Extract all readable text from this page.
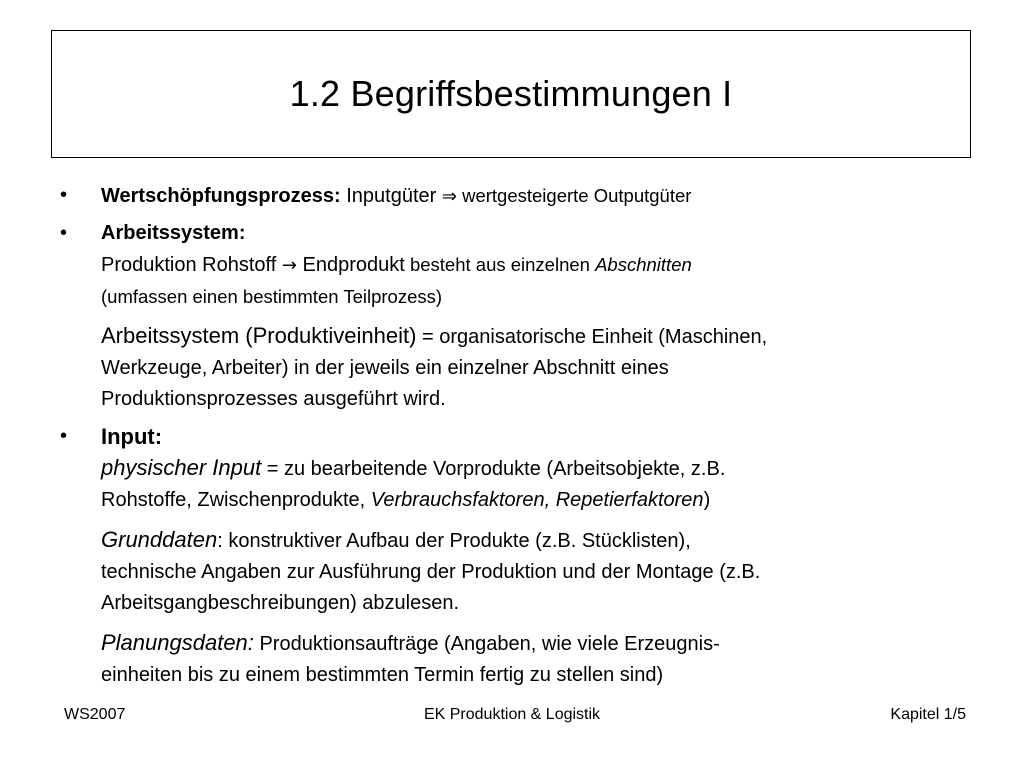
1.2 Begriffsbestimmungen I
• Wertschöpfungsprozess: Inputgüter ⇒ wertgesteigerte Outputgüter
• Arbeitssystem:
Produktion Rohstoff → Endprodukt besteht aus einzelnen Abschnitten
(umfassen einen bestimmten Teilprozess)
Arbeitssystem (Produktiveinheit) = organisatorische Einheit (Maschinen,
Werkzeuge, Arbeiter) in der jeweils ein einzelner Abschnitt eines
Produktionsprozesses ausgeführt wird.
• Input:
physischer Input = zu bearbeitende Vorprodukte (Arbeitsobjekte, z.B.
Rohstoffe, Zwischenprodukte, Verbrauchsfaktoren, Repetierfaktoren)
Grunddaten: konstruktiver Aufbau der Produkte (z.B. Stücklisten),
technische Angaben zur Ausführung der Produktion und der Montage (z.B.
Arbeitsgangbeschreibungen) abzulesen.
Planungsdaten: Produktionsaufträge (Angaben, wie viele Erzeugnis-
einheiten bis zu einem bestimmten Termin fertig zu stellen sind)
WS2007	EK Produktion & Logistik	Kapitel 1/5
